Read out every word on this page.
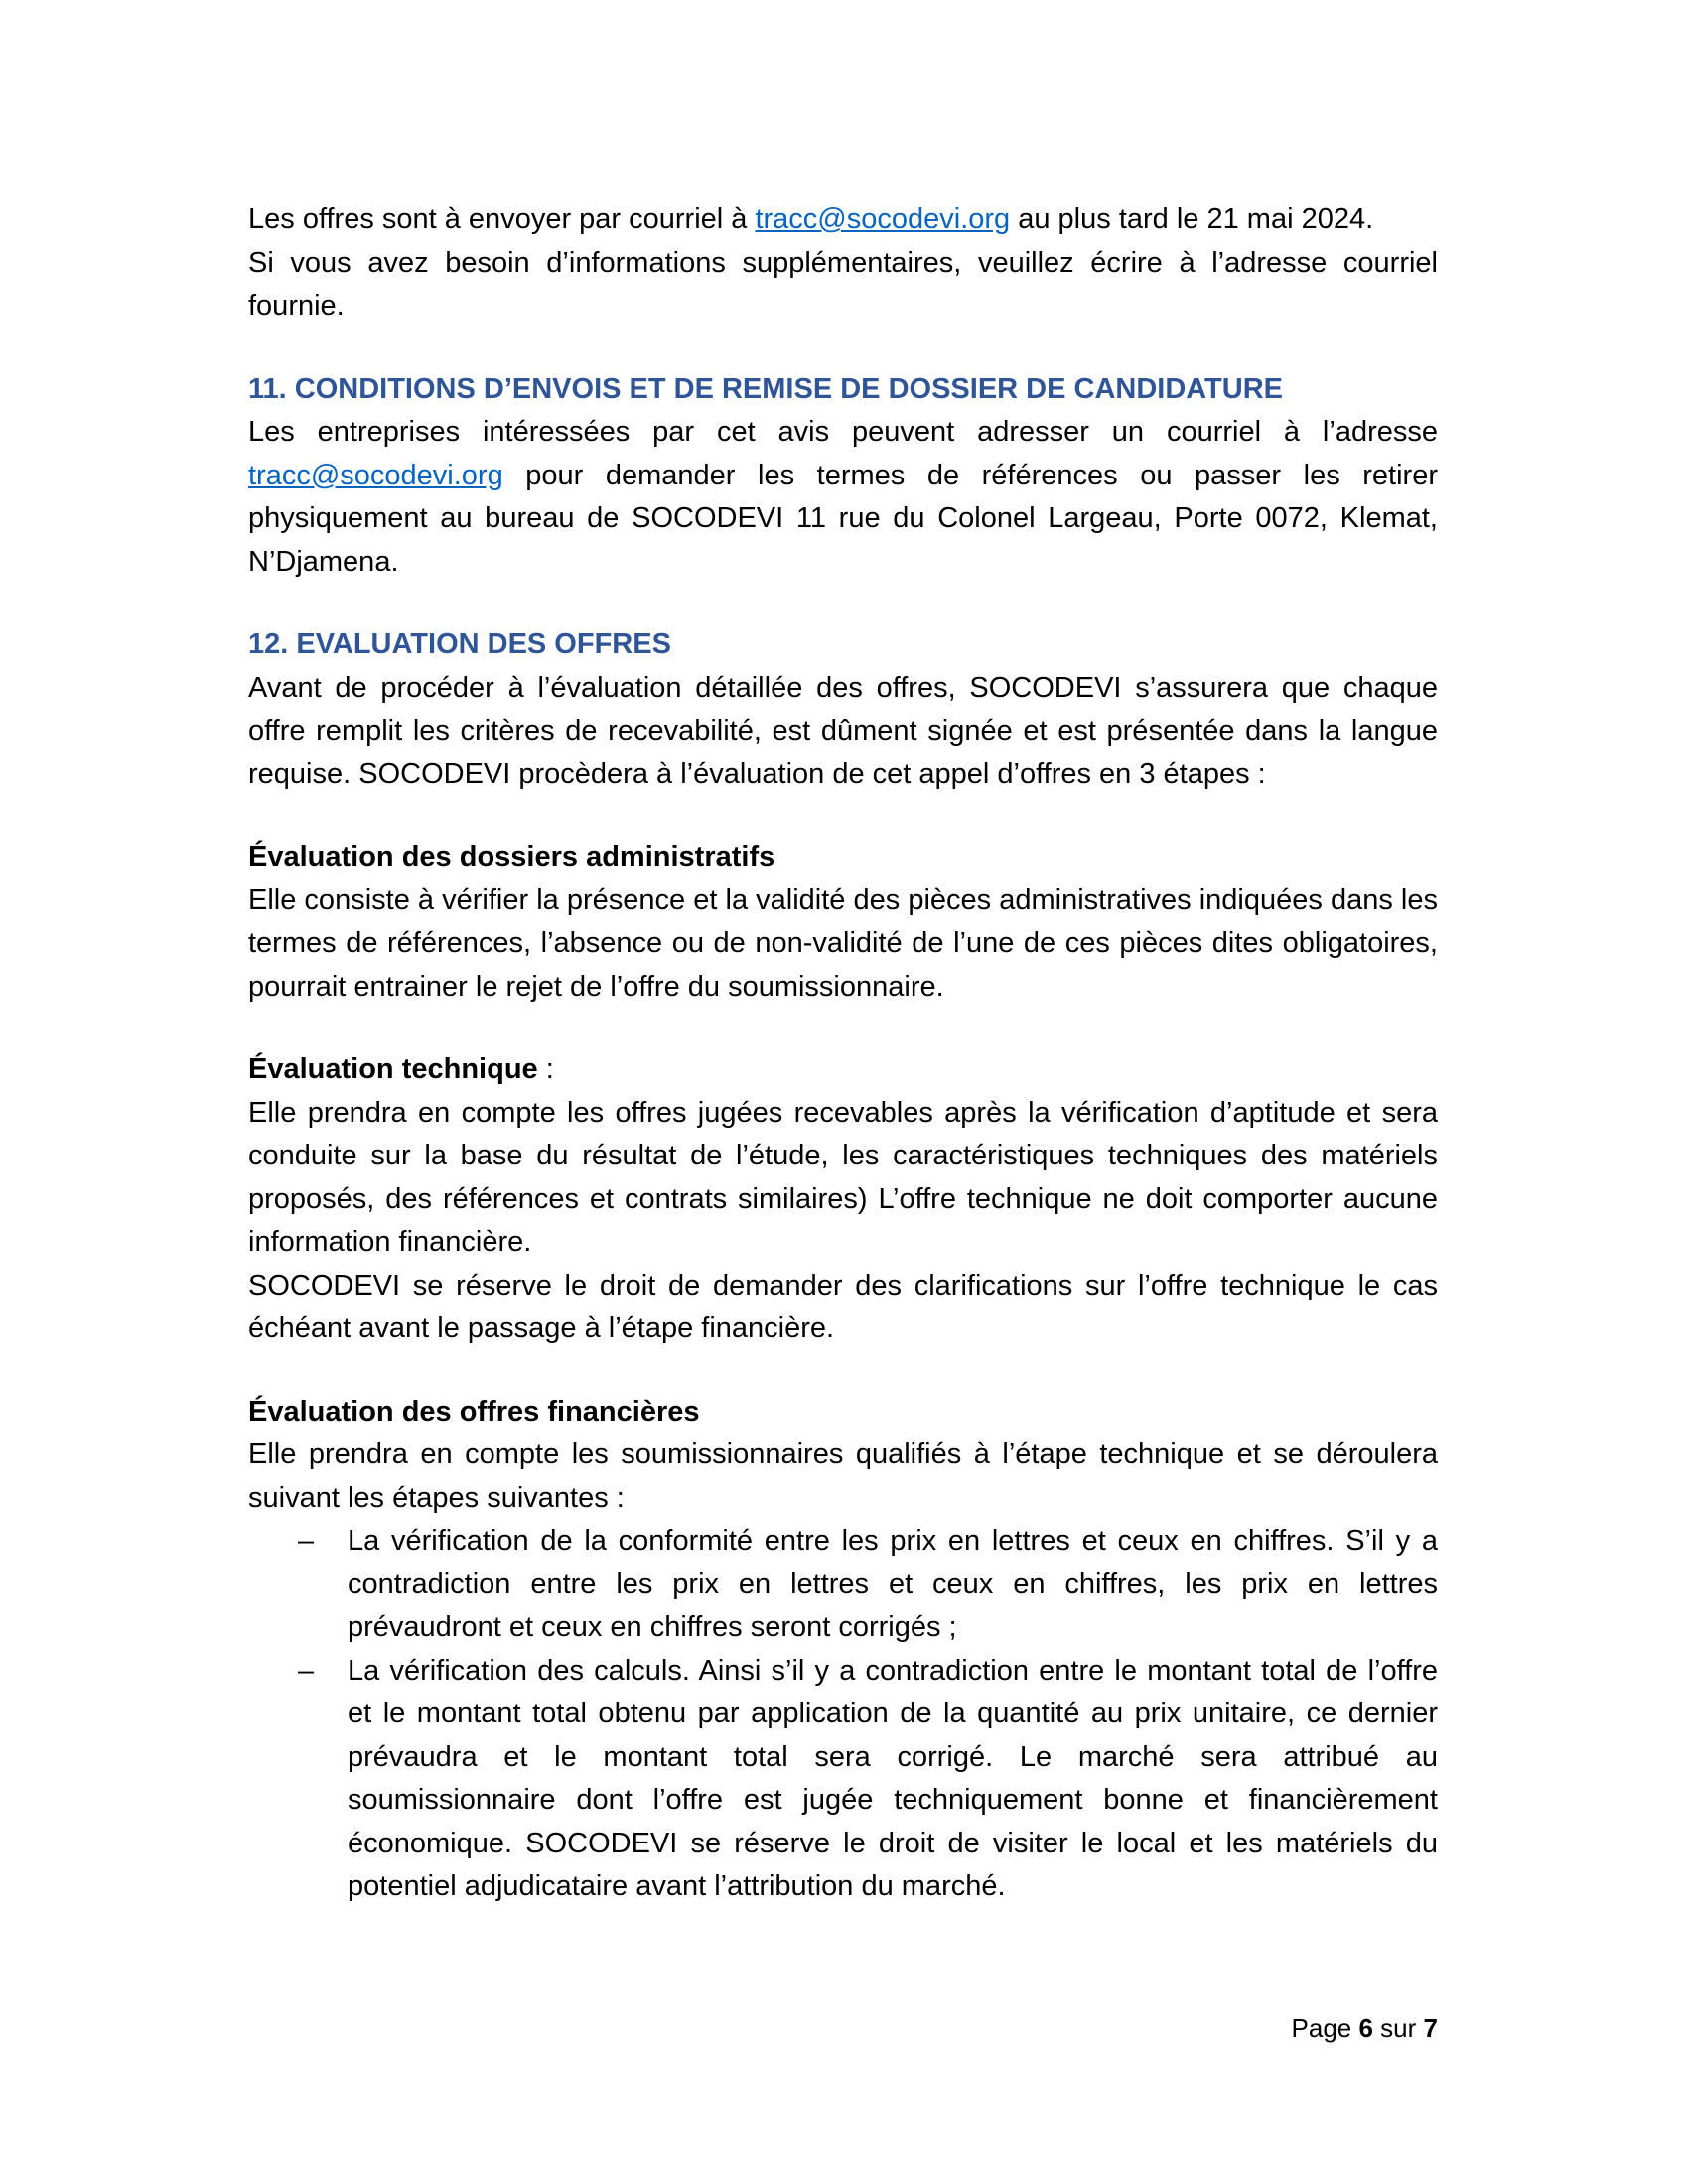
Les offres sont à envoyer par courriel à tracc@socodevi.org au plus tard le 21 mai 2024.
Si vous avez besoin d’informations supplémentaires, veuillez écrire à l’adresse courriel fournie.
11. CONDITIONS D’ENVOIS ET DE REMISE DE DOSSIER DE CANDIDATURE
Les entreprises intéressées par cet avis peuvent adresser un courriel à l’adresse tracc@socodevi.org pour demander les termes de références ou passer les retirer physiquement au bureau de SOCODEVI 11 rue du Colonel Largeau, Porte 0072, Klemat, N’Djamena.
12. EVALUATION DES OFFRES
Avant de procéder à l’évaluation détaillée des offres, SOCODEVI s’assurera que chaque offre remplit les critères de recevabilité, est dûment signée et est présentée dans la langue requise. SOCODEVI procèdera à l’évaluation de cet appel d’offres en 3 étapes :
Évaluation des dossiers administratifs
Elle consiste à vérifier la présence et la validité des pièces administratives indiquées dans les termes de références, l’absence ou de non-validité de l’une de ces pièces dites obligatoires, pourrait entrainer le rejet de l’offre du soumissionnaire.
Évaluation technique :
Elle prendra en compte les offres jugées recevables après la vérification d’aptitude et sera conduite sur la base du résultat de l’étude, les caractéristiques techniques des matériels proposés, des références et contrats similaires) L’offre technique ne doit comporter aucune information financière.
SOCODEVI se réserve le droit de demander des clarifications sur l’offre technique le cas échéant avant le passage à l’étape financière.
Évaluation des offres financières
Elle prendra en compte les soumissionnaires qualifiés à l’étape technique et se déroulera suivant les étapes suivantes :
– La vérification de la conformité entre les prix en lettres et ceux en chiffres. S’il y a contradiction entre les prix en lettres et ceux en chiffres, les prix en lettres prévaudront et ceux en chiffres seront corrigés ;
– La vérification des calculs. Ainsi s’il y a contradiction entre le montant total de l’offre et le montant total obtenu par application de la quantité au prix unitaire, ce dernier prévaudra et le montant total sera corrigé. Le marché sera attribué au soumissionnaire dont l’offre est jugée techniquement bonne et financièrement économique. SOCODEVI se réserve le droit de visiter le local et les matériels du potentiel adjudicataire avant l’attribution du marché.
Page 6 sur 7
